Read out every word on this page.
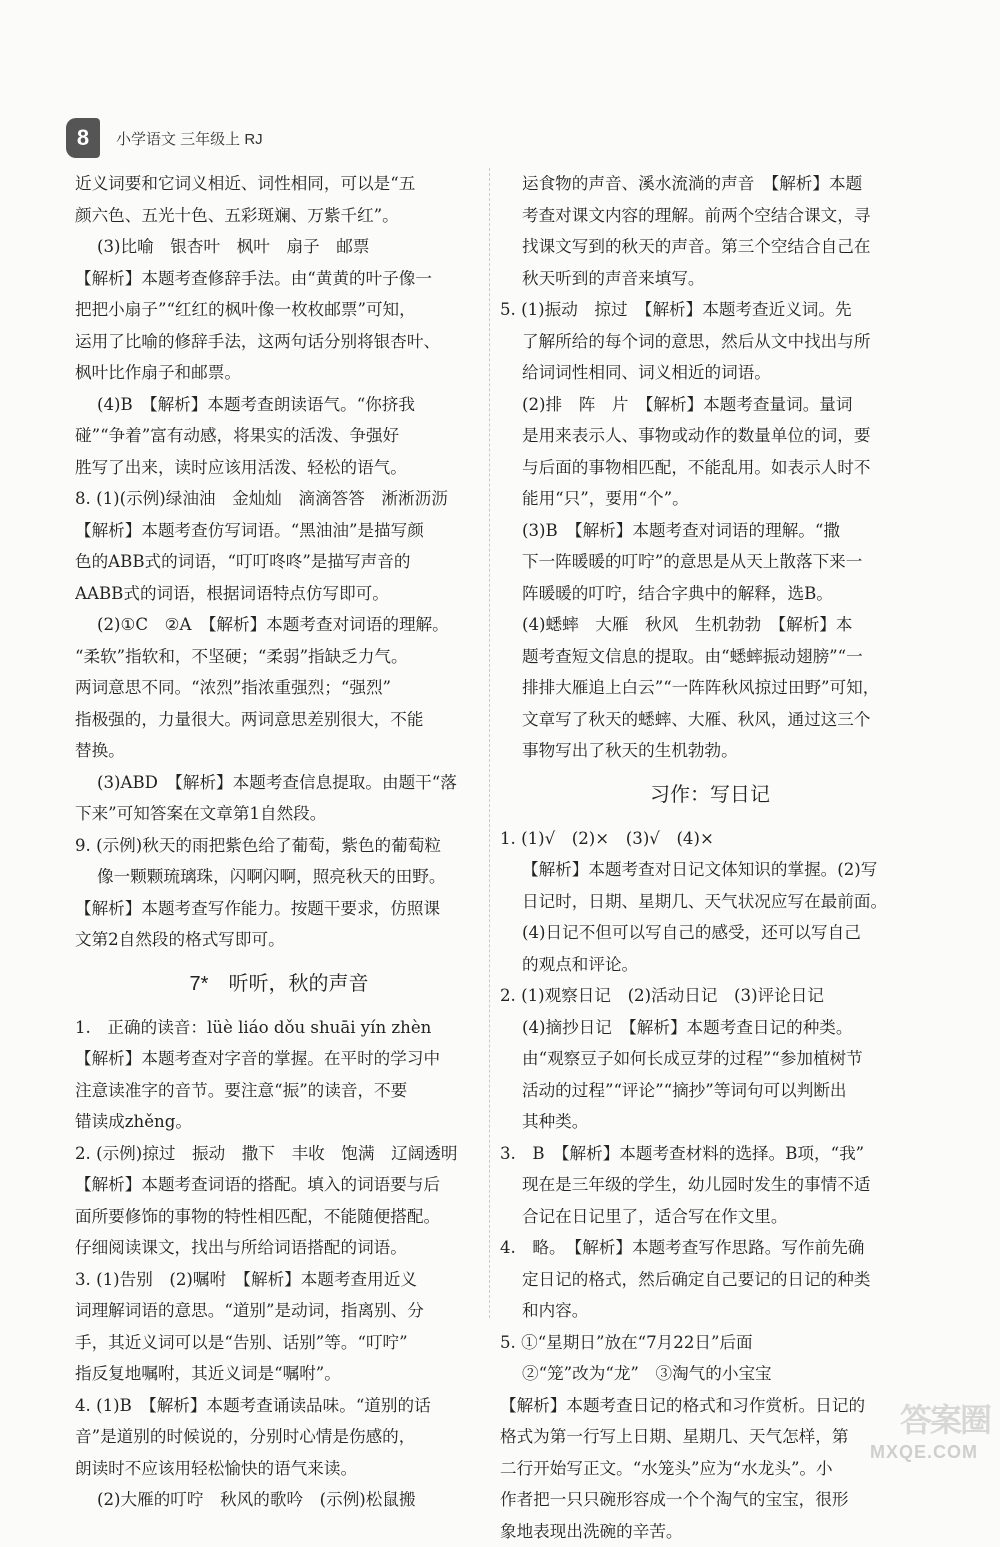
8	小学语文 三年级上 RJ
近义词要和它词义相近、词性相同，可以是“五
颜六色、五光十色、五彩斑斓、万紫千红”。
(3)比喻　银杏叶　枫叶　扇子　邮票
【解析】本题考查修辞手法。由“黄黄的叶子像一
把把小扇子”“红红的枫叶像一枚枚邮票”可知，
运用了比喻的修辞手法，这两句话分别将银杏叶、
枫叶比作扇子和邮票。
(4)B　【解析】本题考查朗读语气。“你挤我
碰”“争着”富有动感，将果实的活泼、争强好
胜写了出来，读时应该用活泼、轻松的语气。
8. (1)(示例)绿油油　金灿灿　滴滴答答　淅淅沥沥
【解析】本题考查仿写词语。“黑油油”是描写颜
色的ABB式的词语，“叮叮咚咚”是描写声音的
AABB式的词语，根据词语特点仿写即可。
(2)①C　②A　【解析】本题考查对词语的理解。
“柔软”指软和，不坚硬；“柔弱”指缺乏力气。
两词意思不同。“浓烈”指浓重强烈；“强烈”
指极强的，力量很大。两词意思差别很大，不能
替换。
(3)ABD　【解析】本题考查信息提取。由题干“落
下来”可知答案在文章第1自然段。
9. (示例)秋天的雨把紫色给了葡萄，紫色的葡萄粒
像一颗颗琉璃珠，闪啊闪啊，照亮秋天的田野。
【解析】本题考查写作能力。按题干要求，仿照课
文第2自然段的格式写即可。
7*　听听，秋的声音
1.　正确的读音：lüè liáo dǒu shuāi yín zhèn
【解析】本题考查对字音的掌握。在平时的学习中
注意读准字的音节。要注意“振”的读音，不要
错读成zhěng。
2. (示例)掠过　振动　撒下　丰收　饱满　辽阔透明
【解析】本题考查词语的搭配。填入的词语要与后
面所要修饰的事物的特性相匹配，不能随便搭配。
仔细阅读课文，找出与所给词语搭配的词语。
3. (1)告别　(2)嘱咐　【解析】本题考查用近义
词理解词语的意思。“道别”是动词，指离别、分
手，其近义词可以是“告别、话别”等。“叮咛”
指反复地嘱咐，其近义词是“嘱咐”。
4. (1)B　【解析】本题考查诵读品味。“道别的话
音”是道别的时候说的，分别时心情是伤感的，
朗读时不应该用轻松愉快的语气来读。
(2)大雁的叮咛　秋风的歌吟　(示例)松鼠搬
运食物的声音、溪水流淌的声音　【解析】本题
考查对课文内容的理解。前两个空结合课文，寻
找课文写到的秋天的声音。第三个空结合自己在
秋天听到的声音来填写。
5. (1)振动　掠过　【解析】本题考查近义词。先
了解所给的每个词的意思，然后从文中找出与所
给词词性相同、词义相近的词语。
(2)排　阵　片　【解析】本题考查量词。量词
是用来表示人、事物或动作的数量单位的词，要
与后面的事物相匹配，不能乱用。如表示人时不
能用“只”，要用“个”。
(3)B　【解析】本题考查对词语的理解。“撒
下一阵暖暖的叮咛”的意思是从天上散落下来一
阵暖暖的叮咛，结合字典中的解释，选B。
(4)蟋蟀　大雁　秋风　生机勃勃　【解析】本
题考查短文信息的提取。由“蟋蟀振动翅膀”“一
排排大雁追上白云”“一阵阵秋风掠过田野”可知，
文章写了秋天的蟋蟀、大雁、秋风，通过这三个
事物写出了秋天的生机勃勃。
习作：写日记
1. (1)√　(2)×　(3)√　(4)×
【解析】本题考查对日记文体知识的掌握。(2)写
日记时，日期、星期几、天气状况应写在最前面。
(4)日记不但可以写自己的感受，还可以写自己
的观点和评论。
2. (1)观察日记　(2)活动日记　(3)评论日记
(4)摘抄日记　【解析】本题考查日记的种类。
由“观察豆子如何长成豆芽的过程”“参加植树节
活动的过程”“评论”“摘抄”等词句可以判断出
其种类。
3.　B　【解析】本题考查材料的选择。B项，“我”
现在是三年级的学生，幼儿园时发生的事情不适
合记在日记里了，适合写在作文里。
4.　略。　【解析】本题考查写作思路。写作前先确
定日记的格式，然后确定自己要记的日记的种类
和内容。
5. ①“星期日”放在“7月22日”后面
②“笼”改为“龙”　③淘气的小宝宝
【解析】本题考查日记的格式和习作赏析。日记的
格式为第一行写上日期、星期几、天气怎样，第
二行开始写正文。“水笼头”应为“水龙头”。小
作者把一只只碗形容成一个个淘气的宝宝，很形
象地表现出洗碗的辛苦。
答案圈
MXQE.COM
